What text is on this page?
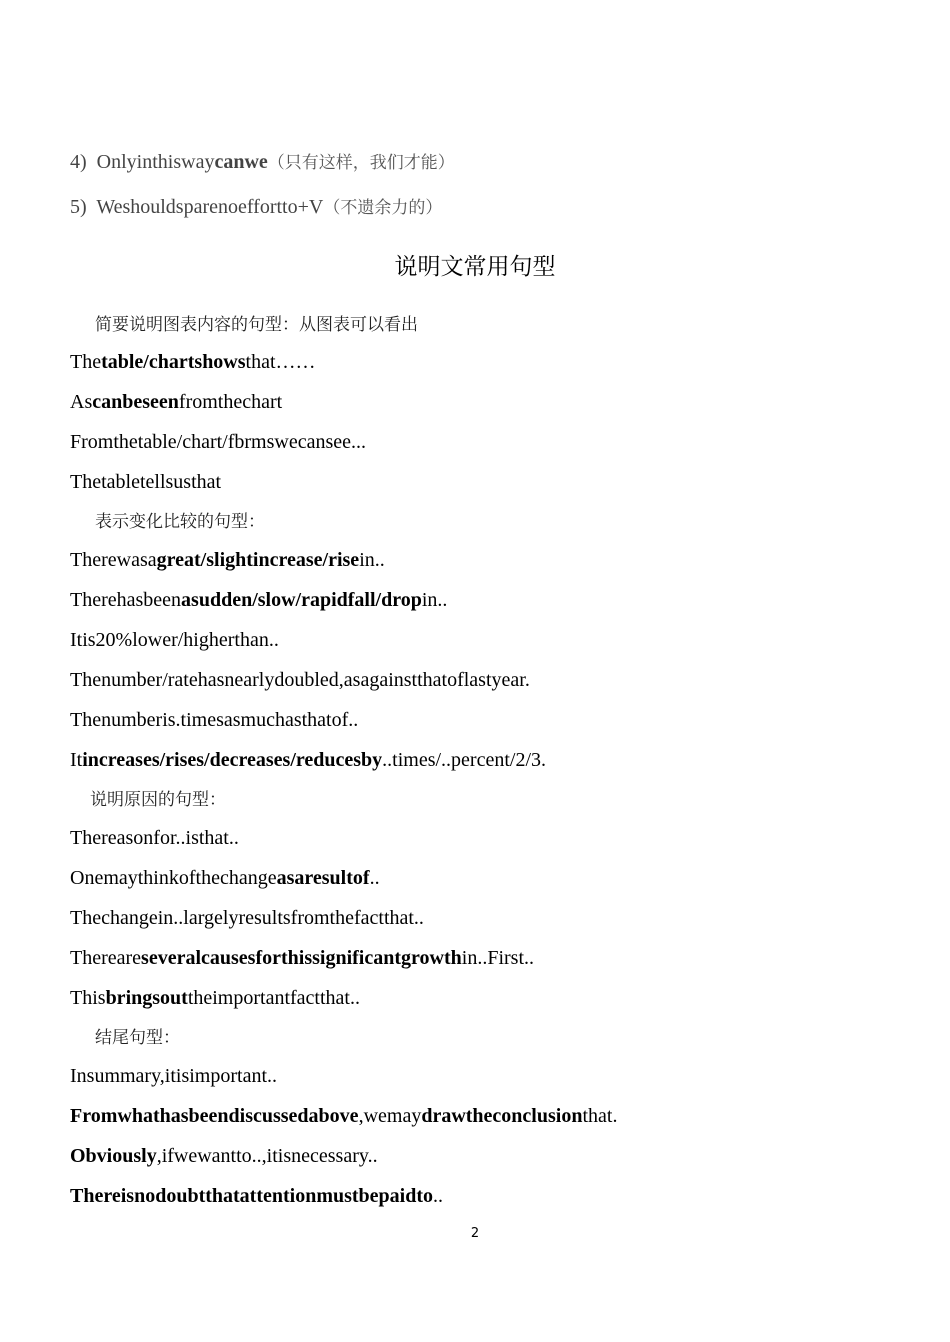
4) Onlyinthiswaycanwe（只有这样，我们才能）
5) Weshouldsparenoeffortto+V（不遗余力的）
说明文常用句型
简要说明图表内容的句型：从图表可以看出
Thetable/chartshowsthat……
Ascanbeseenfromthechart
Fromthetable/chart/fbrmswecansee...
Thetabletellsusthat
表示变化比较的句型：
Therewasagreat/slightincrease/risein..
Therehasbeenasudden/slow/rapidfall/dropin..
Itis20%lower/higherthan..
Thenumber/ratehasnearlydoubled,asagainstthatoflastyear.
Thenumberis.timesasmuchasthatof..
Itincreases/rises/decreases/reducesby..times/..percent/2/3.
说明原因的句型：
Thereasonfor..isthat..
Onemaythinkofthechangeasaresultof..
Thechangein..largelyresultsfromthefactthat..
Thereareseveralcausesforthissignificantgrowthin..First..
Thisbringsouttheimportantfactthat..
结尾句型：
Insummary,itisimportant..
Fromwhathasbeendiscussedabove,wemaydrawtheconclusionthat.
Obviously,ifwewantto..,itisnecessary..
Thereisnodoubtthatattentionmustbepaidto..
2
